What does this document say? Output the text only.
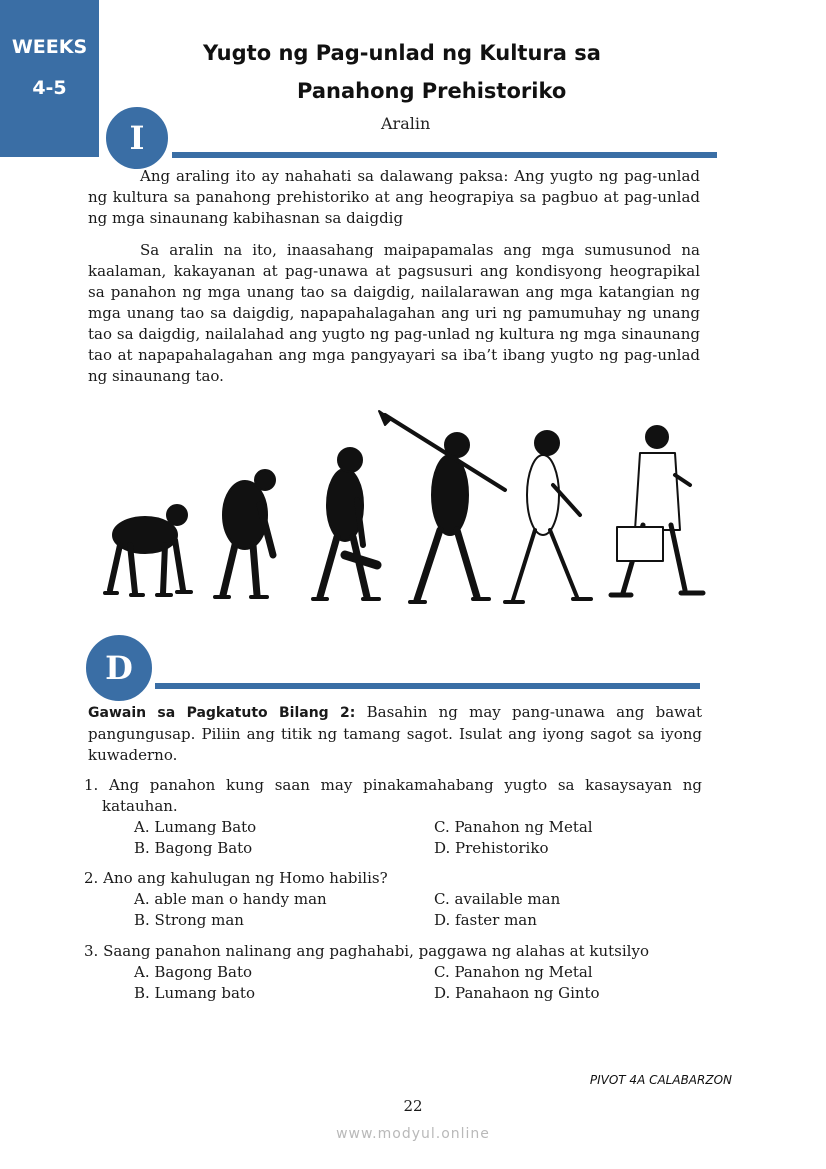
WEEKS
4-5
Yugto ng Pag-unlad ng Kultura sa
Panahong Prehistoriko
Aralin
I

Ang araling ito ay nahahati sa dalawang paksa: Ang yugto ng pag-unlad ng kultura sa panahong prehistoriko at ang heograpiya sa pagbuo at pag-unlad ng mga sinaunang kabihasnan sa daigdig

Sa aralin na ito, inaasahang maipapamalas ang mga sumusunod na kaalaman, kakayanan at pag-unawa at pagsusuri ang kondisyong heograpikal sa panahon ng mga unang tao sa daigdig, nailalarawan ang mga katangian ng mga unang tao sa daigdig, napapahalagahan ang uri ng pamumuhay ng unang tao sa daigdig, nailalahad ang yugto ng pag-unlad ng kultura ng mga sinaunang tao at napapahalagahan ang mga pangyayari sa iba’t ibang yugto ng pag-unlad ng sinaunang tao.

D

Gawain sa Pagkatuto Bilang 2: Basahin ng may pang-unawa ang bawat pangungusap. Piliin ang titik ng tamang sagot. Isulat ang iyong sagot sa iyong kuwaderno.

1. Ang panahon kung saan may pinakamahabang yugto sa kasaysayan ng katauhan.

A. Lumang Bato	C. Panahon ng Metal
B. Bagong Bato	D. Prehistoriko

2. Ano ang kahulugan ng Homo habilis?

A. able man o handy man	C. available man
B. Strong man	D. faster man

3. Saang panahon nalinang ang paghahabi, paggawa ng alahas at kutsilyo

A. Bagong Bato	C. Panahon ng Metal
B. Lumang bato	D. Panahaon ng Ginto
PIVOT 4A CALABARZON
22
www.modyul.online
